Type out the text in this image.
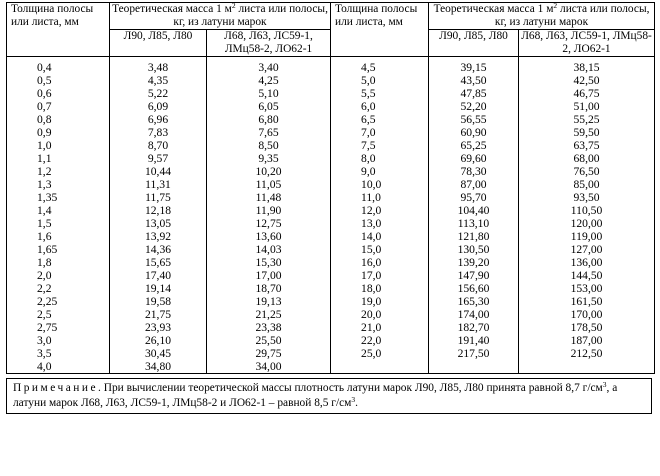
Толщина полосы или листа, мм	Теоретическая масса 1 $м^2$ листа или полосы, кг, из латуни марок		Толщина полосы или листа, мм	Теоретическая масса 1 $м^2$ листа или полосы, кг, из латуни марок	
	Л90, Л85, Л80	Л68, Л63, ЛС59-1, ЛМц58-2, ЛО62-1		Л90, Л85, Л80	Л68, Л63, ЛС59-1, ЛМц58-2, ЛО62-1
0,4	3,48	3,40	4,5	39,15	38,15
0,5	4,35	4,25	5,0	43,50	42,50
0,6	5,22	5,10	5,5	47,85	46,75
0,7	6,09	6,05	6,0	52,20	51,00
0,8	6,96	6,80	6,5	56,55	55,25
0,9	7,83	7,65	7,0	60,90	59,50
1,0	8,70	8,50	7,5	65,25	63,75
1,1	9,57	9,35	8,0	69,60	68,00
1,2	10,44	10,20	9,0	78,30	76,50
1,3	11,31	11,05	10,0	87,00	85,00
1,35	11,75	11,48	11,0	95,70	93,50
1,4	12,18	11,90	12,0	104,40	110,50
1,5	13,05	12,75	13,0	113,10	120,00
1,6	13,92	13,60	14,0	121,80	119,00
1,65	14,36	14,03	15,0	130,50	127,00
1,8	15,65	15,30	16,0	139,20	136,00
2,0	17,40	17,00	17,0	147,90	144,50
2,2	19,14	18,70	18,0	156,60	153,00
2,25	19,58	19,13	19,0	165,30	161,50
2,5	21,75	21,25	20,0	174,00	170,00
2,75	23,93	23,38	21,0	182,70	178,50
3,0	26,10	25,50	22,0	191,40	187,00
3,5	30,45	29,75	25,0	217,50	212,50
4,0	34,80	34,00			
Примечание. При вычислении теоретической массы плотность латуни марок Л90, Л85, Л80 принята равной 8,7 $г/см^3$, а латуни марок Л68, Л63, ЛС59-1, ЛМц58-2 и ЛО62-1 – равной 8,5 $г/см^3$.
